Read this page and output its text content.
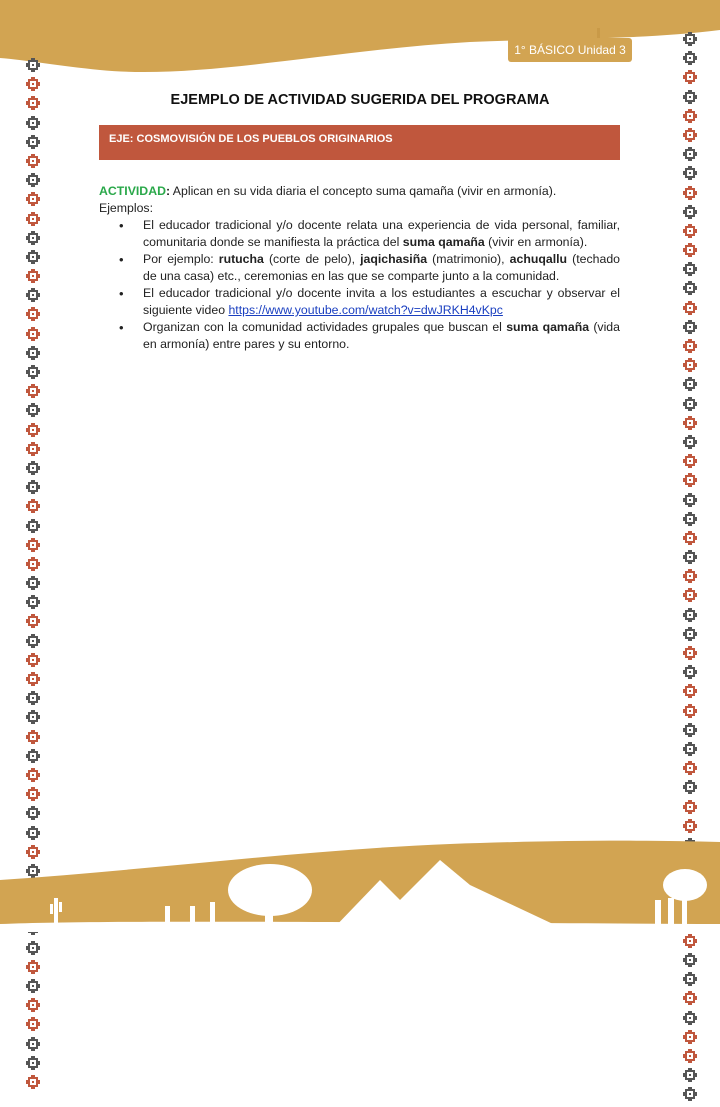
1° BÁSICO Unidad 3
EJEMPLO DE ACTIVIDAD SUGERIDA DEL PROGRAMA
EJE: COSMOVISIÓN DE LOS PUEBLOS ORIGINARIOS
ACTIVIDAD: Aplican en su vida diaria el concepto suma qamaña (vivir en armonía).
Ejemplos:
• El educador tradicional y/o docente relata una experiencia de vida personal, familiar, comunitaria donde se manifiesta la práctica del suma qamaña (vivir en armonía).
• Por ejemplo: rutucha (corte de pelo), jaqichasiña (matrimonio), achuqallu (techado de una casa) etc., ceremonias en las que se comparte junto a la comunidad.
• El educador tradicional y/o docente invita a los estudiantes a escuchar y observar el siguiente video https://www.youtube.com/watch?v=dwJRKH4vKpc
• Organizan con la comunidad actividades grupales que buscan el suma qamaña (vida en armonía) entre pares y su entorno.
